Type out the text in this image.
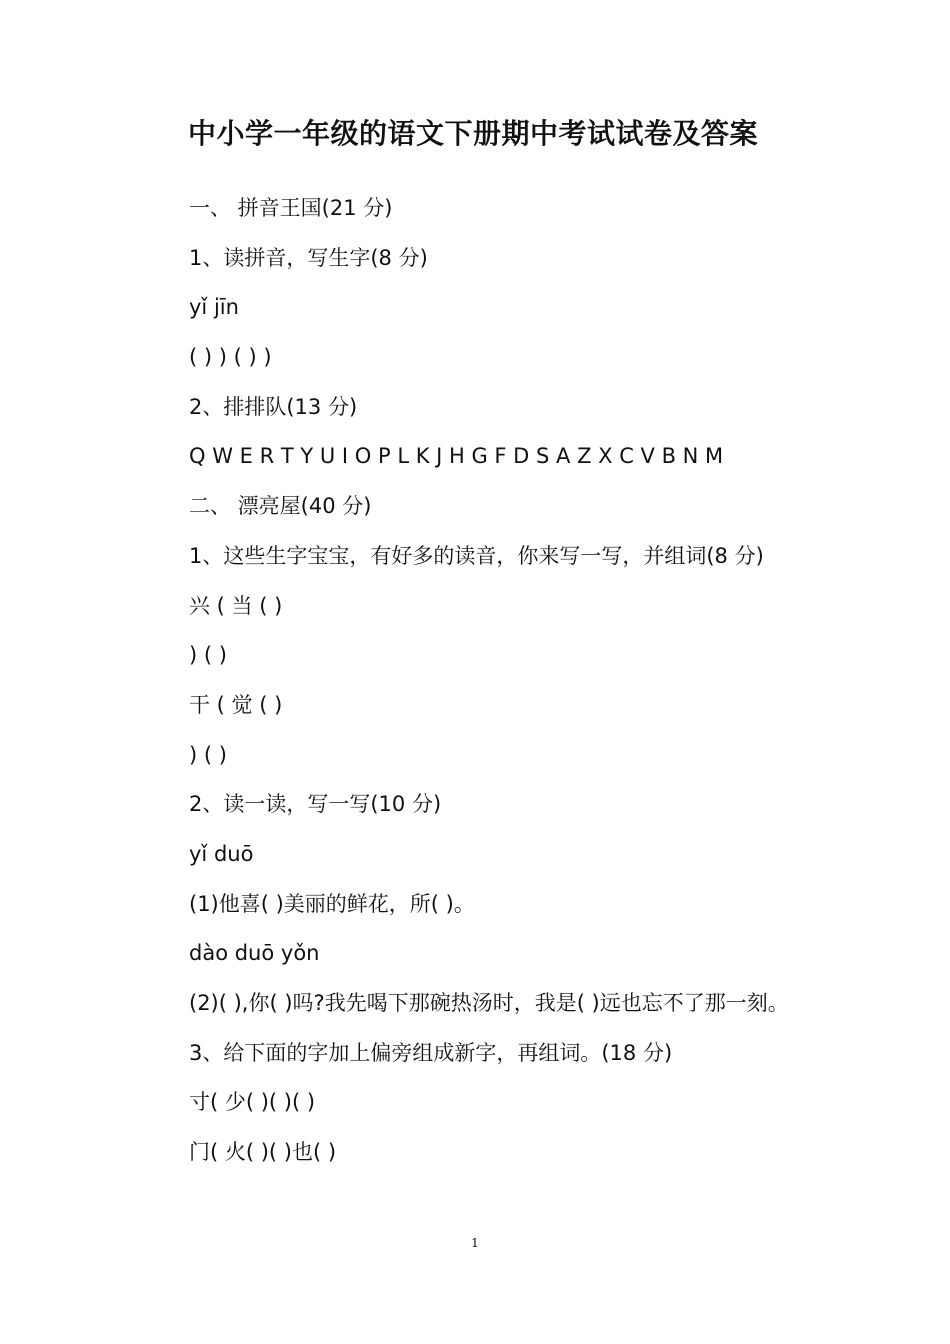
中小学一年级的语文下册期中考试试卷及答案
一、 拼音王国(21 分)
1、读拼音，写生字(8 分)
yǐ jīn
( ) ) ( ) )
2、排排队(13 分)
Q W E R T Y U I O P L K J H G F D S A Z X C V B N M
二、 漂亮屋(40 分)
1、这些生字宝宝，有好多的读音，你来写一写，并组词(8 分)
兴 ( 当 ( )
) ( )
干 ( 觉 ( )
) ( )
2、读一读，写一写(10 分)
yǐ duō
(1)他喜( )美丽的鲜花，所( )。
dào duō yǒn
(2)( ),你( )吗?我先喝下那碗热汤时，我是( )远也忘不了那一刻。
3、给下面的字加上偏旁组成新字，再组词。(18 分)
寸( 少( )( )( )
门( 火( )( )也( )
1
